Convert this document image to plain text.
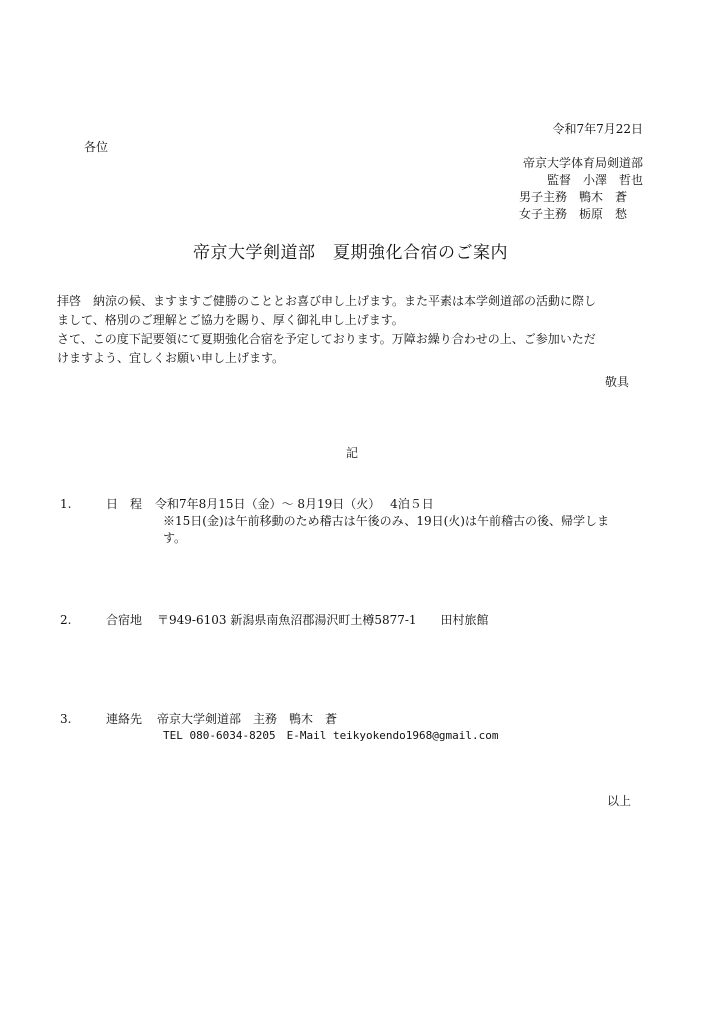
令和7年7月22日
各位
帝京大学体育局剣道部
監督　 小澤　哲也
男子主務　 鴨木　蒼
女子主務　 栃原　愁
帝京大学剣道部　夏期強化合宿のご案内
拝啓　納涼の候、ますますご健勝のこととお喜び申し上げます。また平素は本学剣道部の活動に際し
まして、格別のご理解とご協力を賜り、厚く御礼申し上げます。
さて、この度下記要領にて夏期強化合宿を予定しております。万障お繰り合わせの上、ご参加いただ
けますよう、宜しくお願い申し上げます。
敬具
記
1.	日　程 令和7年8月15日（金）～ 8月19日（火）　 4泊５日
※15日(金)は午前移動のため稽古は午後のみ、19日(火)は午前稽古の後、帰学しま
す。
2.	合宿地 〒949-6103 新潟県南魚沼郡湯沢町土樽5877-1　　田村旅館
3.	連絡先 帝京大学剣道部　主務　鴨木　蒼
TEL 080-6034-8205　E-Mail teikyokendo1968@gmail.com
以上
